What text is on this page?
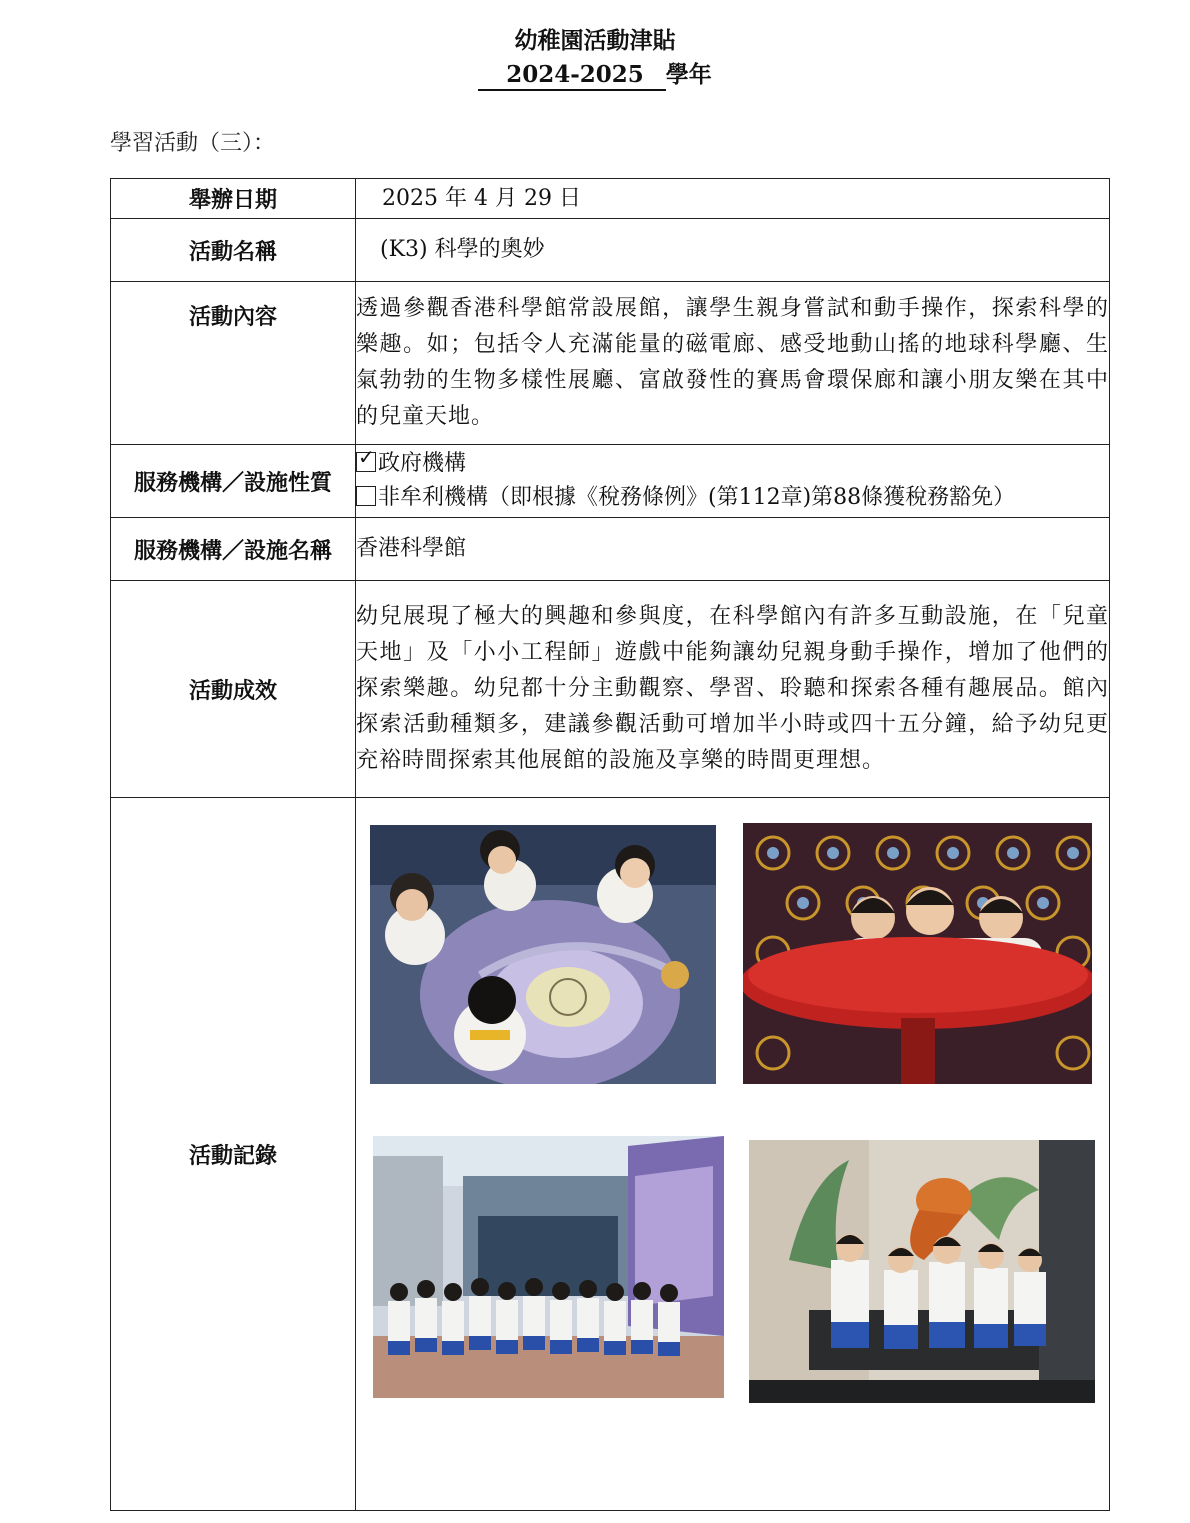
幼稚園活動津貼
2024-2025 學年
學習活動（三）：
舉辦日期	2025 年 4 月 29 日
活動名稱	(K3) 科學的奧妙
活動內容	透過參觀香港科學館常設展館，讓學生親身嘗試和動手操作，探索科學的樂趣。如；包括令人充滿能量的磁電廊、感受地動山搖的地球科學廳、生氣勃勃的生物多樣性展廳、富啟發性的賽馬會環保廊和讓小朋友樂在其中的兒童天地。
服務機構／設施性質	✓ 政府機構
非牟利機構（即根據《稅務條例》(第112章)第88條獲稅務豁免）

服務機構／設施名稱	香港科學館
活動成效	幼兒展現了極大的興趣和參與度，在科學館內有許多互動設施，在「兒童天地」及「小小工程師」遊戲中能夠讓幼兒親身動手操作，增加了他們的探索樂趣。幼兒都十分主動觀察、學習、聆聽和探索各種有趣展品。館內探索活動種類多，建議參觀活動可增加半小時或四十五分鐘，給予幼兒更充裕時間探索其他展館的設施及享樂的時間更理想。
活動記錄	
